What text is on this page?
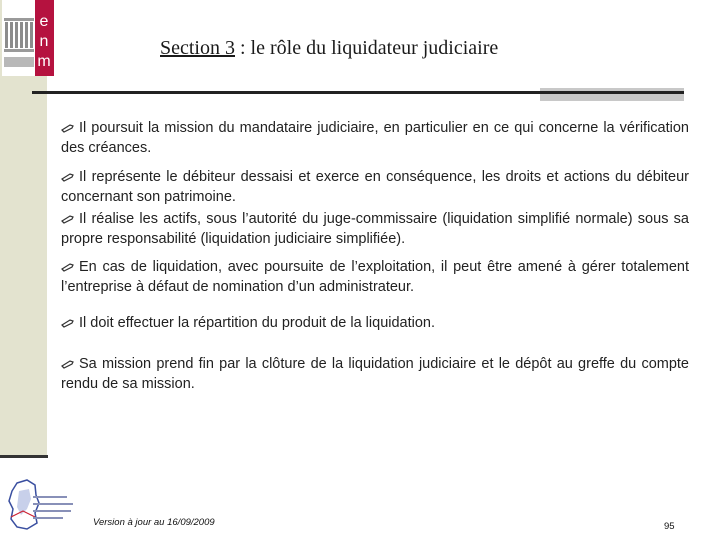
e
n
m
Section 3 : le rôle du liquidateur judiciaire
Il poursuit la mission du mandataire judiciaire, en particulier en ce qui concerne la vérification des créances.
Il représente le débiteur dessaisi et exerce en conséquence, les droits et actions du débiteur concernant son patrimoine.
Il réalise les actifs, sous l’autorité du juge-commissaire (liquidation simplifié normale) sous sa propre responsabilité (liquidation judiciaire simplifiée).
En cas de liquidation, avec poursuite de l’exploitation, il peut être amené à gérer totalement l’entreprise à défaut de nomination d’un administrateur.
Il doit effectuer la répartition du produit de la liquidation.
Sa mission prend fin par la clôture de la liquidation judiciaire et le dépôt au greffe du compte rendu de sa mission.
Version à jour au 16/09/2009	95
